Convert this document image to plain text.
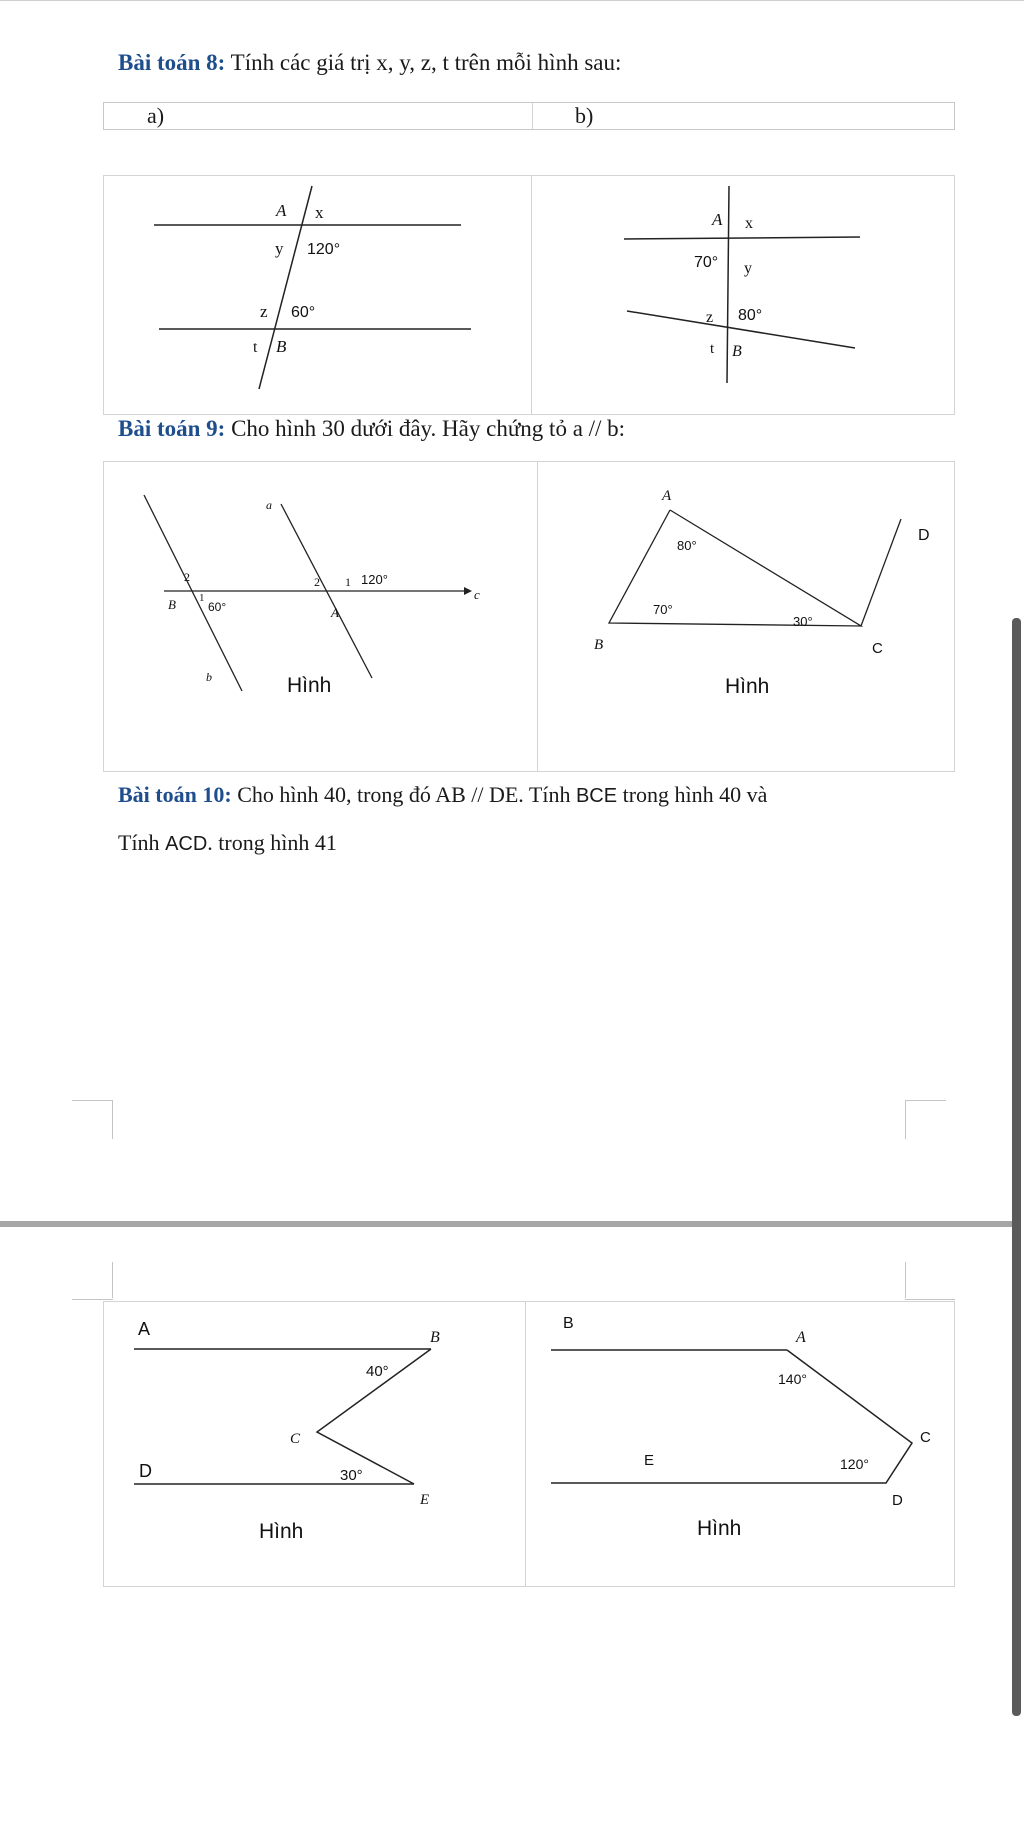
Bài toán 8: Tính các giá trị x, y, z, t trên mỗi hình sau:
a)	b)
A x
y 120°
z 60°
t B
A x
70° y
z 80°
t B
Bài toán 9: Cho hình 30 dưới đây. Hãy chứng tỏ a // b:
a
2	2 1 120°
c
B 1
60°	A
b	Hình
A
80°
D
70°
30°
B	C
Hình
Bài toán 10: Cho hình 40, trong đó AB // DE. Tính BCE trong hình 40 và
Tính ACD. trong hình 41
A	B
40°
C
D	30°
E
Hình
B
A
140°
C
E	120°
D
Hình
